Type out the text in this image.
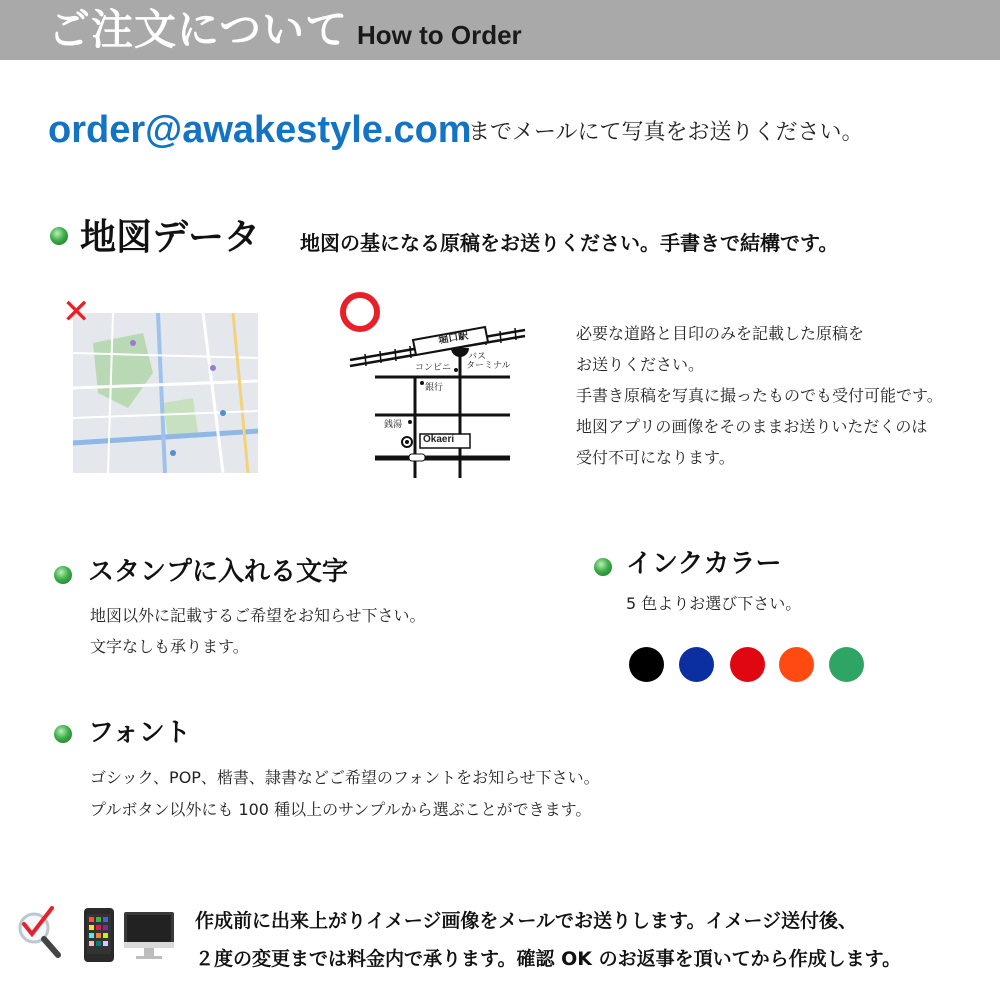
ご注文について How to Order
order@awakestyle.com
までメールにて写真をお送りください。
地図データ 地図の基になる原稿をお送りください。手書きで結構です。
✕
堀口駅
バス
ターミナル
コンビニ
銀行
銭湯
Okaeri
必要な道路と目印のみを記載した原稿を
お送りください。
手書き原稿を写真に撮ったものでも受付可能です。
地図アプリの画像をそのままお送りいただくのは
受付不可になります。
スタンプに入れる文字
地図以外に記載するご希望をお知らせ下さい。
文字なしも承ります。
インクカラー
5 色よりお選び下さい。
フォント
ゴシック、POP、楷書、隷書などご希望のフォントをお知らせ下さい。
プルボタン以外にも 100 種以上のサンプルから選ぶことができます。
作成前に出来上がりイメージ画像をメールでお送りします。イメージ送付後、
２度の変更までは料金内で承ります。確認 OK のお返事を頂いてから作成します。
